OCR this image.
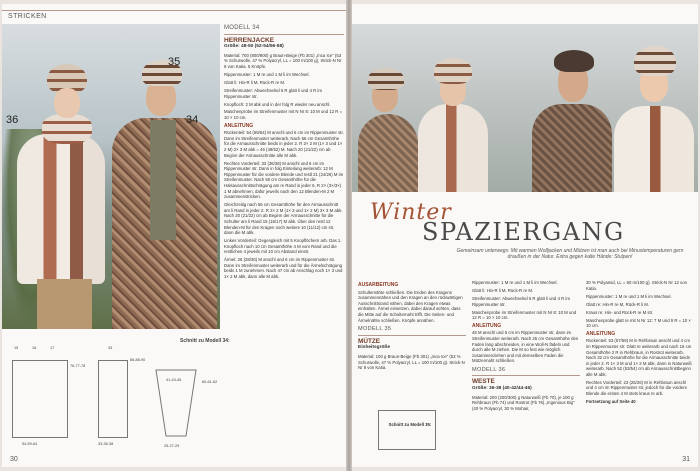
STRICKEN
36
35
34
MODELL 34
HERRENJACKE
Größe: 48-50 (52-54/56-58)

Material: 700 (800/900) g Braun-Beige (Fb 301) „Inca Ice" (53 % Schurwolle, 47 % Polyacryl, LL = 100 m/100 g), Strick-N Nr 8 von Katia. 5 Knöpfe.

Rippenmuster: 1 M re und 1 M li im Wechsel.

Glatt li: Hin-R li M, Rück-R re M.

Streifenmuster: Abwechselnd 6 R glatt li und 4 R im Rippenmuster str.

Knopfloch: 2 M abk und in der folg R wieder neu anschl.

Maschenprobe im Streifenmuster mit N Nr 8: 10 M und 12 R = 10 × 10 cm.

ANLEITUNG

Rückenteil: 54 (59/64) M anschl und 6 cm im Rippenmuster str. Dann im Streifenmuster weiterarb. Nach 56 cm Gesamthöhe für die Armausschnitte beids in jeder 2. R 2× 2 M (1× 3 und 1× 2 M) 2× 3 M abk = 46 (49/52) M. Nach 20 (21/22) cm ab Beginn der Armausschnitte alle M abk.

Rechtes Vorderteil: 33 (36/38) M anschl und 6 cm im Rippenmuster str. Dann in folg Einteilung weiterarb: 12 M Rippenmuster für die vordere Blende und restl 21 (24/26) M im Streifenmuster. Nach 50 cm Gesamthöhe für die Halsausschnittschrägung am re Rand in jeder 6. R 2× (3×/3×) 1 M abnehmen, dafür jeweils nach den 12 Blenden-M 2 M zusammenstricken.

Gleichzeitig nach 56 cm Gesamthöhe für den Armausschnitt am li Rand in jeder 2. R 2× 2 M (1× 3 und 1× 2 M) 3× 3 M abk. Nach 20 (21/22) cm ab Beginn der Armausschnitte für die Schulter am li Rand 15 (16/17) M abk. Über den restl 12 Blenden-M für den Kragen noch weitere 10 (11/12) cm str, dann die M abk.

Linkes Vorderteil: Gegengleich mit 5 Knopflöchern arb. Das 1. Knopfloch nach 10 cm Gesamthöhe 4 M vom Rand und die restlichen 4 jeweils mit 10 cm Abstand einstr.

Ärmel: 26 (28/30) M anschl und 6 cm im Rippenmuster str. Dann im Streifenmuster weiterarb und für die Ärmelschrägung beids 1 M zunehmen. Nach 47 cm ab Anschlag noch 1× 3 und 1× 2 M abk, dann alle M abk.

Schnitt zu Modell 34:
15	16	17
76-77-78
54-59-64
33
86-88-90
33-36-38
41-43-45	60-61-62
25-27-29
30
Winter
SPAZIERGANG
Gemeinsam unterwegs: Mit warmen Wolljacken und Mützen ist man auch bei Minustemperaturen gern draußen in der Natur. Extra gegen kalte Hände: Stulpen!
AUSARBEITUNG

Schulternähte schließen. Die Enden des Kragens zusammennähen und den Kragen an den rückwärtigen Ausschnittsrand nähen, dabei den Kragen etwas einhalten. Ärmel einsetzen, dabei darauf achten, dass die Mitte auf die Schulternaht trifft. Die Seiten- und Ärmelnähte schließen. Knöpfe annähen.

MODELL 35
MÜTZE
Einheitsgröße

Material: 100 g Braun-Beige (Fb 301) „Inca Ice" (53 % Schurwolle, 47 % Polyacryl, LL = 100 m/100 g). Strick-N Nr 8 von Katia.

Schnitt zu Modell 35:

Rippenmuster: 1 M re und 1 M li im Wechsel.

Glatt li: Hin-R li M, Rück-R re M.

Streifenmuster: Abwechselnd 6 R glatt li und 4 R im Rippenmuster str.

Maschenprobe im Streifenmuster mit N Nr 8: 10 M und 12 R = 10 × 10 cm.

ANLEITUNG

48 M anschl und 6 cm im Rippenmuster str, dann im Streifenmuster weiterarb. Nach 25 cm Gesamthöhe den Faden lang abschneiden, in eine Woll-N fädeln und durch alle M ziehen. Die M so fest wie möglich zusammenziehen und mit demselben Faden die Mützennaht schließen.

MODELL 36
WESTE
Größe: 36-38 (40-42/44-46)

Material: 200 (200/300) g Naturweiß (Fb 70), je 100 g Rehbraun (Fb 74) und Rostrot (Fb 76) „Ingenious Big" (40 % Polyacryl, 30 % Mohair,

30 % Polyamid, LL = 60 m/100 g). Strick-N Nr 12 von Katia.

Rippenmuster: 1 M re und 1 M li im Wechsel.

Glatt re: Hin-R re M, Rück-R li M.

Kraus re: Hin- und Rück-R re M str.

Maschenprobe glatt re mit N Nr 12: 7 M und 9 R = 10 × 10 cm.

ANLEITUNG

Rückenteil: 53 (57/59) M in Rehbraun anschl und 4 cm im Rippenmuster str. Glatt re weiterarb und nach 16 cm Gesamthöhe 2 R in Rehbraun, in Rostrot weiterarb. Nach 32 cm Gesamthöhe für die Armausschnitte beids in jeder 2. R 1× 3 M und 1× 2 M abk, dann in Naturweiß weiterarb. Nach 52 (53/54) cm ab Armausschnittbeginn alle M abk.

Rechtes Vorderteil: 23 (25/26) M in Rehbraun anschl und 4 cm im Rippenmuster str, jedoch für die vordere Blende die ersten 4 M stets kraus re arb.

Fortsetzung auf Seite 40

31
